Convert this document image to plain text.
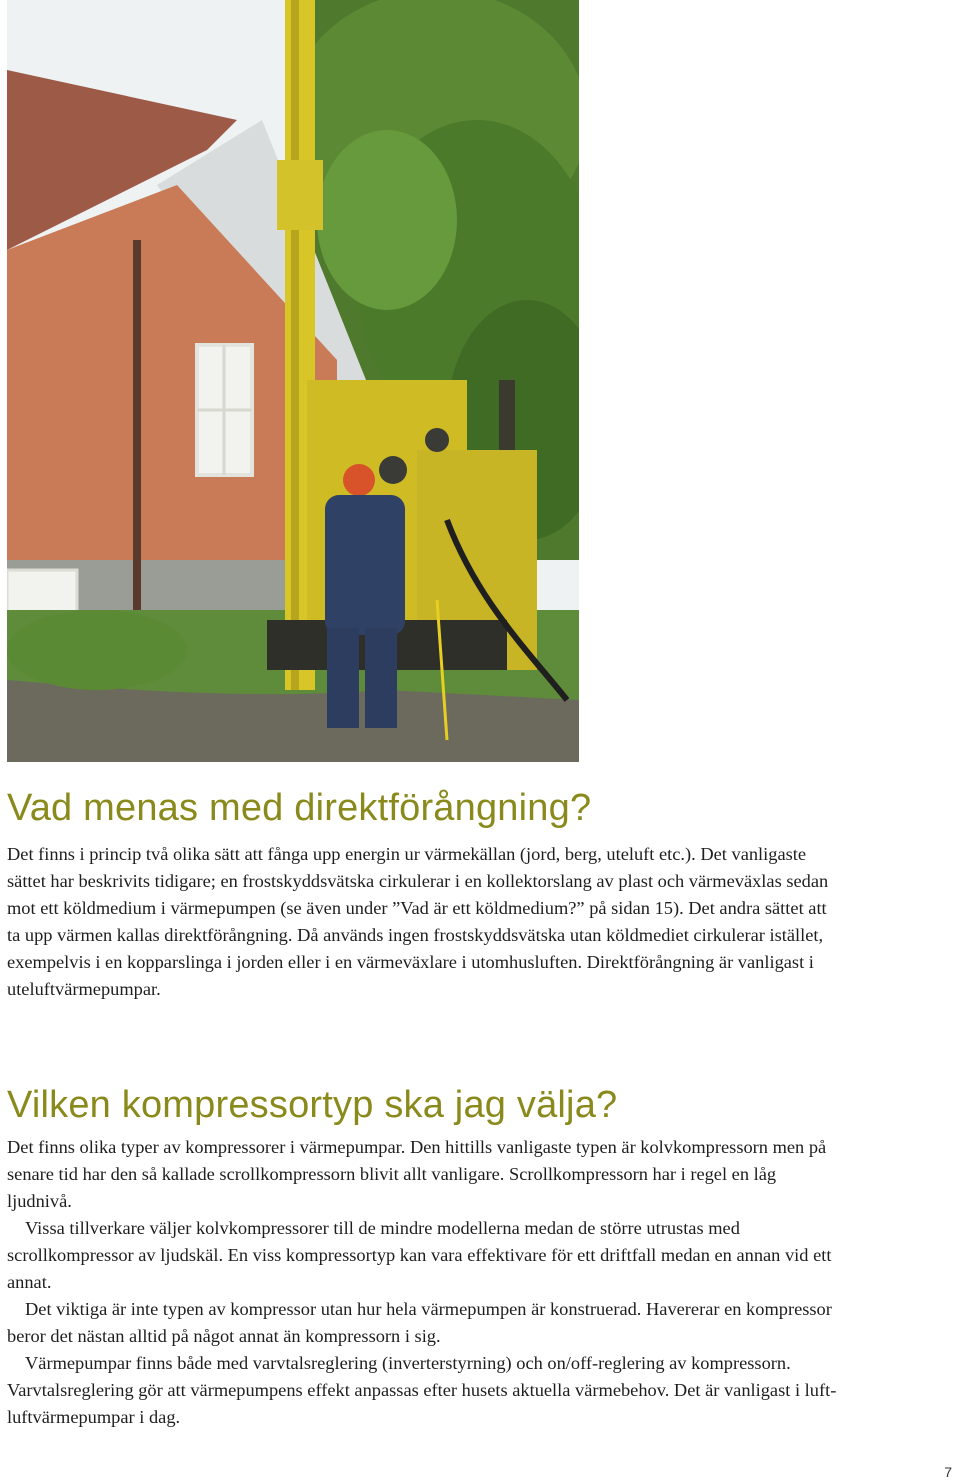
Vad menas med direktförångning?

Det finns i princip två olika sätt att fånga upp energin ur värmekällan (jord, berg, uteluft etc.). Det vanligaste sättet har beskrivits tidigare; en frostskyddsvätska cirkulerar i en kollektorslang av plast och värmeväxlas sedan mot ett köldmedium i värmepumpen (se även under ”Vad är ett köldmedium?” på sidan 15). Det andra sättet att ta upp värmen kallas direktförångning. Då används ingen frostskyddsvätska utan köldmediet cirkulerar istället, exempelvis i en kopparslinga i jorden eller i en värmeväxlare i utomhusluften. Direktförångning är vanligast i uteluftvärmepumpar.

Vilken kompressortyp ska jag välja?

Det finns olika typer av kompressorer i värmepumpar. Den hittills vanligaste typen är kolvkompressorn men på senare tid har den så kallade scrollkompressorn blivit allt vanligare. Scrollkompressorn har i regel en låg ljudnivå.

Vissa tillverkare väljer kolvkompressorer till de mindre modellerna medan de större utrustas med scrollkompressor av ljudskäl. En viss kompressortyp kan vara effektivare för ett driftfall medan en annan vid ett annat.

Det viktiga är inte typen av kompressor utan hur hela värmepumpen är konstruerad. Havererar en kompressor beror det nästan alltid på något annat än kompressorn i sig.

Värmepumpar finns både med varvtalsreglering (inverterstyrning) och on/off-reglering av kompressorn. Varvtalsreglering gör att värmepumpens effekt anpassas efter husets aktuella värmebehov. Det är vanligast i luft-luftvärmepumpar i dag.

7
